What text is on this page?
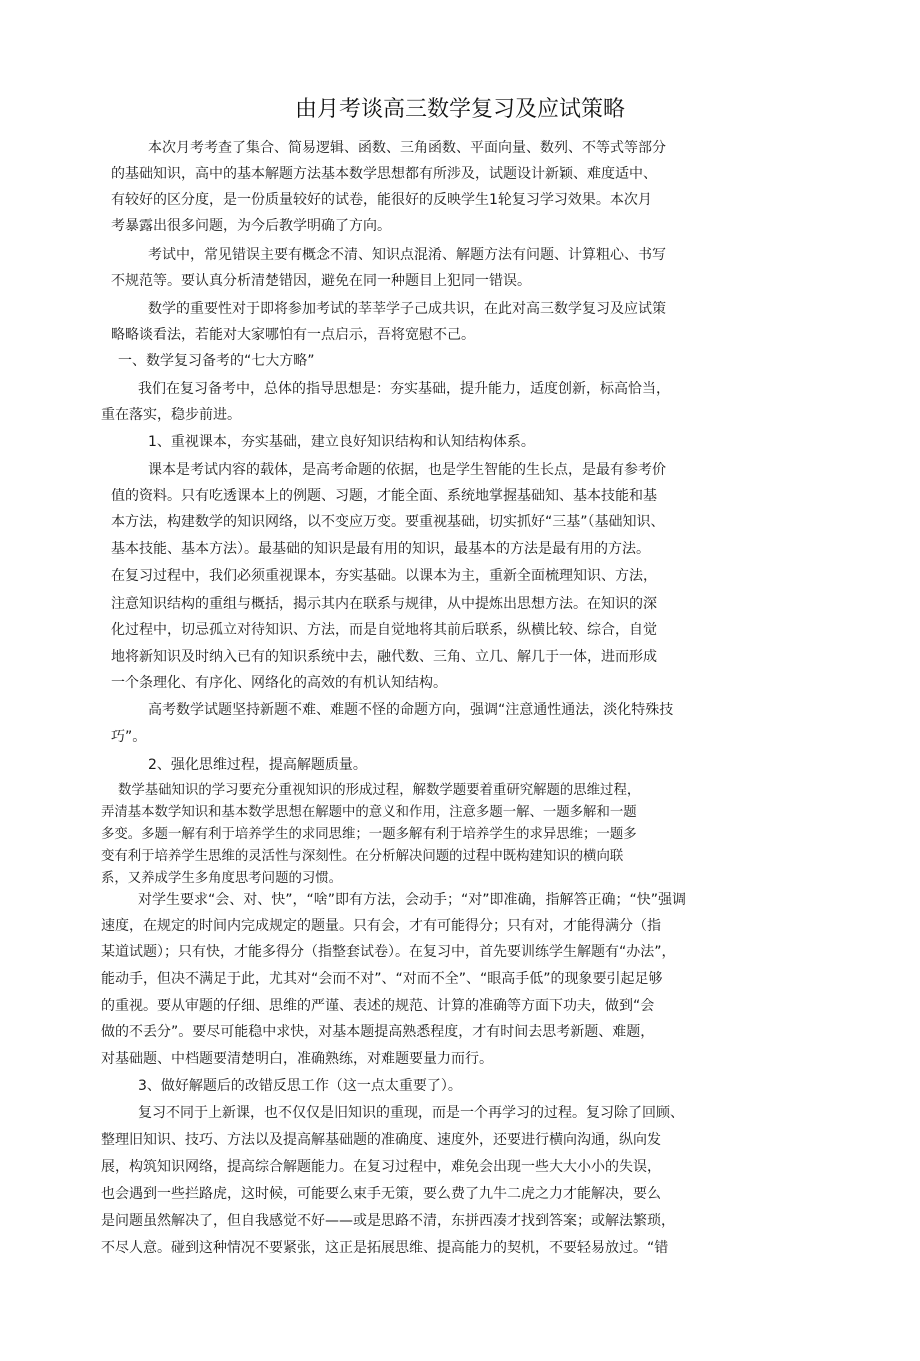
由月考谈高三数学复习及应试策略
本次月考考查了集合、简易逻辑、函数、三角函数、平面向量、数列、不等式等部分
的基础知识，高中的基本解题方法基本数学思想都有所涉及，试题设计新颖、难度适中、
有较好的区分度，是一份质量较好的试卷，能很好的反映学生1轮复习学习效果。本次月
考暴露出很多问题，为今后教学明确了方向。
考试中，常见错误主要有概念不清、知识点混淆、解题方法有问题、计算粗心、书写
不规范等。要认真分析清楚错因，避免在同一种题目上犯同一错误。
数学的重要性对于即将参加考试的莘莘学子己成共识，在此对高三数学复习及应试策
略略谈看法，若能对大家哪怕有一点启示，吾将宽慰不己。
一、数学复习备考的“七大方略”
我们在复习备考中，总体的指导思想是：夯实基础，提升能力，适度创新，标高恰当，
重在落实，稳步前进。
1、重视课本，夯实基础，建立良好知识结构和认知结构体系。
课本是考试内容的载体，是高考命题的依据，也是学生智能的生长点，是最有参考价
值的资料。只有吃透课本上的例题、习题，才能全面、系统地掌握基础知、基本技能和基
本方法，构建数学的知识网络，以不变应万变。要重视基础，切实抓好“三基”（基础知识、
基本技能、基本方法）。最基础的知识是最有用的知识，最基本的方法是最有用的方法。
在复习过程中，我们必须重视课本，夯实基础。以课本为主，重新全面梳理知识、方法，
注意知识结构的重组与概括，揭示其内在联系与规律，从中提炼出思想方法。在知识的深
化过程中，切忌孤立对待知识、方法，而是自觉地将其前后联系，纵横比较、综合，自觉
地将新知识及时纳入已有的知识系统中去，融代数、三角、立几、解几于一体，进而形成
一个条理化、有序化、网络化的高效的有机认知结构。
高考数学试题坚持新题不难、难题不怪的命题方向，强调“注意通性通法，淡化特殊技
巧”。
2、强化思维过程，提高解题质量。
数学基础知识的学习要充分重视知识的形成过程，解数学题要着重研究解题的思维过程，
弄清基本数学知识和基本数学思想在解题中的意义和作用，注意多题一解、一题多解和一题
多变。多题一解有利于培养学生的求同思维；一题多解有利于培养学生的求异思维；一题多
变有利于培养学生思维的灵活性与深刻性。在分析解决问题的过程中既构建知识的横向联
系，又养成学生多角度思考问题的习惯。
对学生要求“会、对、快”，“啥”即有方法，会动手；“对”即准确，指解答正确；“快”强调
速度，在规定的时间内完成规定的题量。只有会，才有可能得分；只有对，才能得满分（指
某道试题）；只有快，才能多得分（指整套试卷）。在复习中，首先要训练学生解题有“办法”，
能动手，但决不满足于此，尤其对“会而不对”、“对而不全”、“眼高手低”的现象要引起足够
的重视。要从审题的仔细、思维的严谨、表述的规范、计算的准确等方面下功夫，做到“会
做的不丢分”。要尽可能稳中求快，对基本题提高熟悉程度，才有时间去思考新题、难题，
对基础题、中档题要清楚明白，准确熟练，对难题要量力而行。
3、做好解题后的改错反思工作（这一点太重要了）。
复习不同于上新课，也不仅仅是旧知识的重现，而是一个再学习的过程。复习除了回顾、
整理旧知识、技巧、方法以及提高解基础题的准确度、速度外，还要进行横向沟通，纵向发
展，构筑知识网络，提高综合解题能力。在复习过程中，难免会出现一些大大小小的失误，
也会遇到一些拦路虎，这时候，可能要么束手无策，要么费了九牛二虎之力才能解决，要么
是问题虽然解决了，但自我感觉不好——或是思路不清，东拼西凑才找到答案；或解法繁琐，
不尽人意。碰到这种情况不要紧张，这正是拓展思维、提高能力的契机，不要轻易放过。“错
